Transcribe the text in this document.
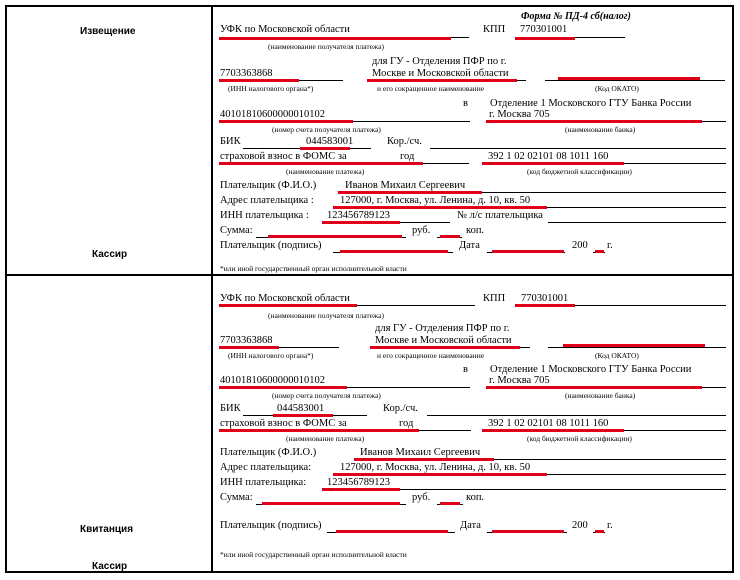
Извещение
Кассир
Квитанция
Кассир
Форма № ПД-4 сб(налог)
УФК по Московской области	КПП 770301001
(наименование получателя платежа)
для ГУ - Отделения ПФР по г.
Москве и Московской области
7703363868
(ИНН налогового органа*)	и его сокращенное наименование	(Код ОКАТО)
в Отделение 1 Московского ГТУ Банка России
г. Москва 705
40101810600000010102
(номер счета получателя платежа)	(наименование банка)
БИК	044583001	Кор./сч.
страховой взнос в ФОМС за	год	392 1 02 02101 08 1011 160
(наименование платежа)	(код бюджетной классификации)
Плательщик (Ф.И.О.)	Иванов Михаил Сергеевич
Адрес плательщика : 127000, г. Москва, ул. Ленина, д. 10, кв. 50
ИНН плательщика : 123456789123	№ л/с плательщика
Сумма:	руб.	коп.
Плательщик (подпись)	Дата	200 г.
*или иной государственный орган исполнительной власти
УФК по Московской области	КПП 770301001
(наименование получателя платежа)
для ГУ - Отделения ПФР по г.
Москве и Московской области
7703363868
(ИНН налогового органа*)	и его сокращенное наименование	(Код ОКАТО)
в Отделение 1 Московского ГТУ Банка России
г. Москва 705
40101810600000010102
(номер счета получателя платежа)	(наименование банка)
БИК	044583001	Кор./сч.
страховой взнос в ФОМС за	год	392 1 02 02101 08 1011 160
(наименование платежа)	(код бюджетной классификации)
Плательщик (Ф.И.О.)	Иванов Михаил Сергеевич
Адрес плательщика:	127000, г. Москва, ул. Ленина, д. 10, кв. 50
ИНН плательщика: 123456789123
Сумма:	руб.	коп.
Плательщик (подпись)	Дата	200 г.
*или иной государственный орган исполнительной власти
